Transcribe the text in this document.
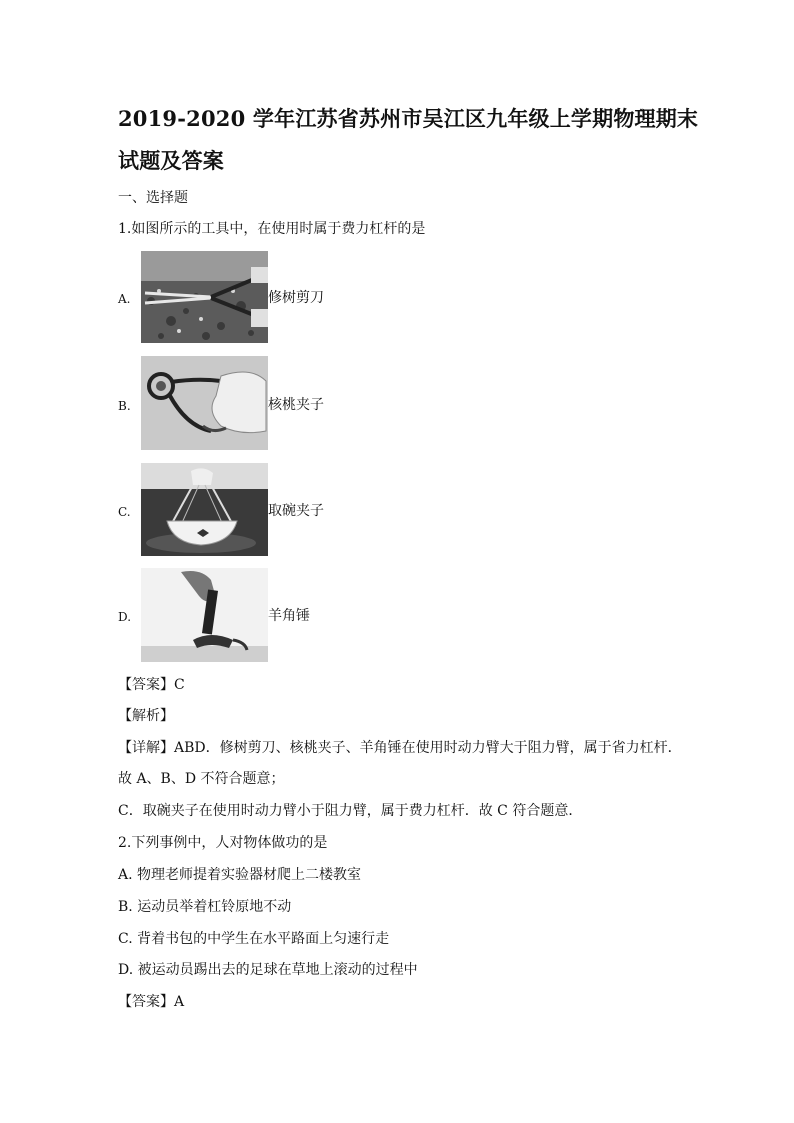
2019-2020 学年江苏省苏州市吴江区九年级上学期物理期末
试题及答案
一、选择题
1.如图所示的工具中，在使用时属于费力杠杆的是
A.	修树剪刀
B.	核桃夹子
C.	取碗夹子
D.	羊角锤
【答案】C
【解析】
【详解】ABD．修树剪刀、核桃夹子、羊角锤在使用时动力臂大于阻力臂，属于省力杠杆．
故 A、B、D 不符合题意；
C．取碗夹子在使用时动力臂小于阻力臂，属于费力杠杆．故 C 符合题意．
2.下列事例中，人对物体做功的是
A. 物理老师提着实验器材爬上二楼教室
B. 运动员举着杠铃原地不动
C. 背着书包的中学生在水平路面上匀速行走
D. 被运动员踢出去的足球在草地上滚动的过程中
【答案】A
